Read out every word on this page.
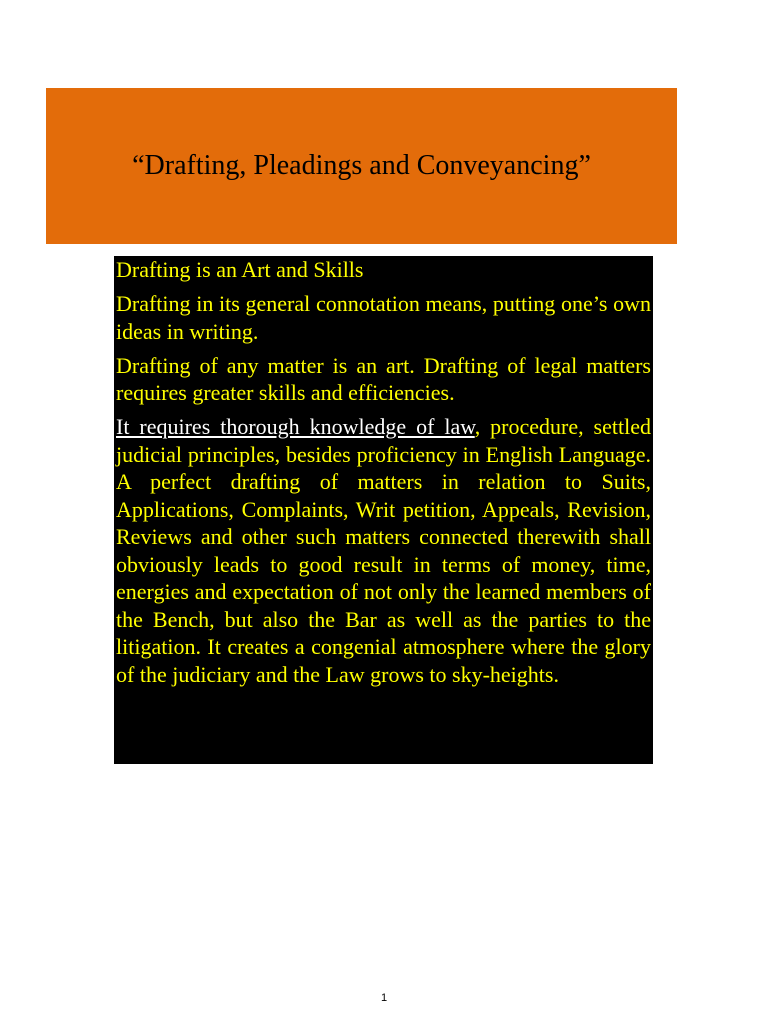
“Drafting, Pleadings and Conveyancing”

Drafting is an Art and Skills

Drafting in its general connotation means, putting one’s own ideas in writing.

Drafting of any matter is an art. Drafting of legal matters requires greater skills and efficiencies.

It requires thorough knowledge of law, procedure, settled judicial principles, besides proficiency in English Language. A perfect drafting of matters in relation to Suits, Applications, Complaints, Writ petition, Appeals, Revision, Reviews and other such matters connected therewith shall obviously leads to good result in terms of money, time, energies and expectation of not only the learned members of the Bench, but also the Bar as well as the parties to the litigation. It creates a congenial atmosphere where the glory of the judiciary and the Law grows to sky-heights.

1
